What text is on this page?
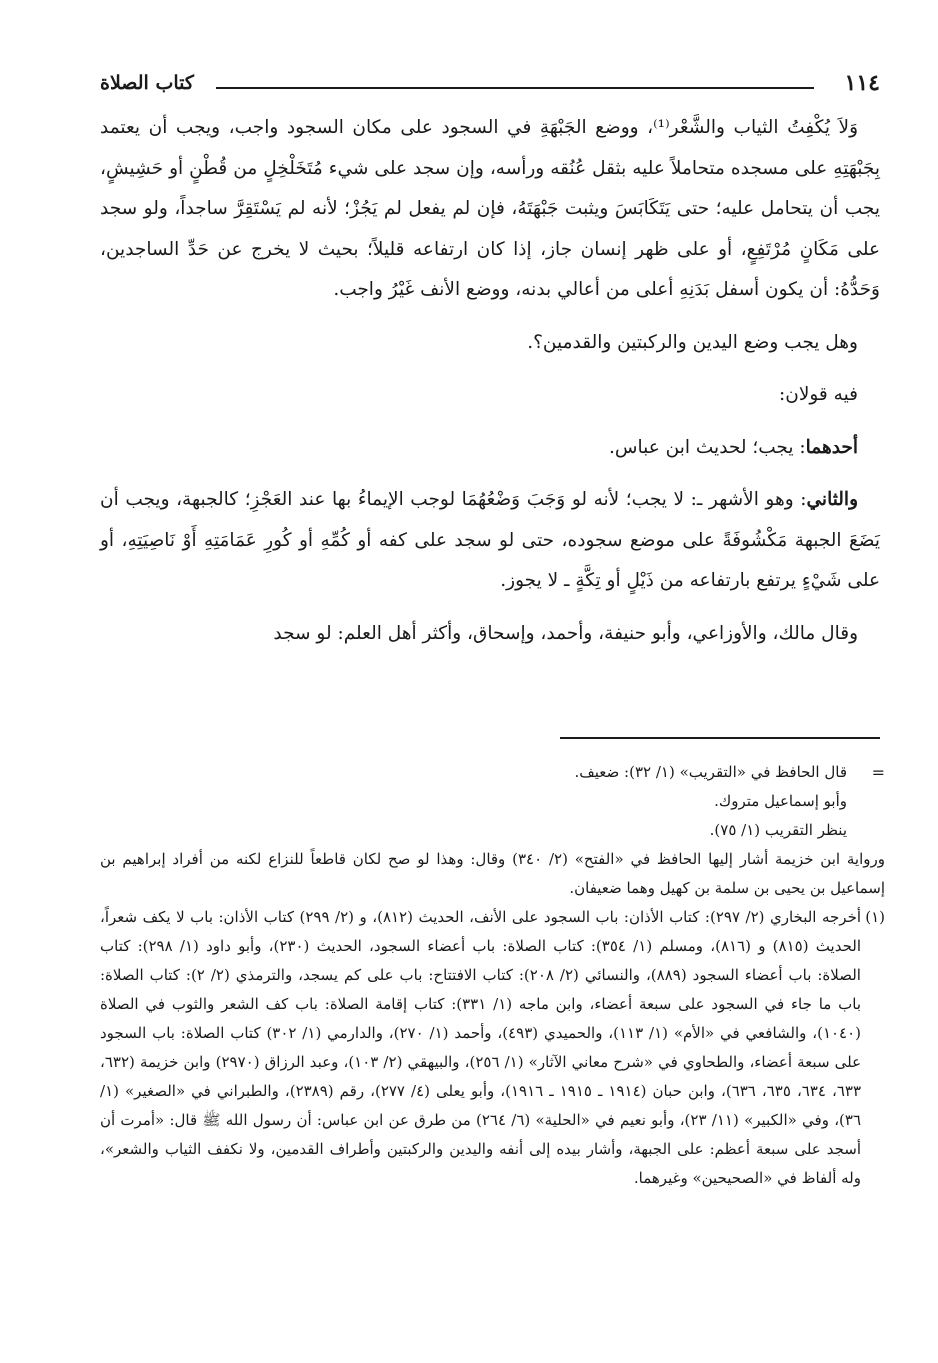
١١٤
كتاب الصلاة

وَلاَ يُكْفِتُ الثياب والشَّعْر⁽¹⁾، ووضع الجَبْهَةِ في السجود على مكان السجود واجب، ويجب أن يعتمد بِجَبْهَتِهِ على مسجده متحاملاً عليه بثقل عُنُقه ورأسه، وإن سجد على شيء مُتَخَلْخِلٍ من قُطْنٍ أو حَشِيشٍ، يجب أن يتحامل عليه؛ حتى يَتَكَابَسَ ويثبت جَبْهَتَهُ، فإن لم يفعل لم يَجُزْ؛ لأنه لم يَسْتَقِرَّ ساجداً، ولو سجد على مَكَانٍ مُرْتَفِعٍ، أو على ظهر إنسان جاز، إذا كان ارتفاعه قليلاً؛ بحيث لا يخرج عن حَدِّ الساجدين، وَحَدُّهُ: أن يكون أسفل بَدَنِهِ أعلى من أعالي بدنه، ووضع الأنف غَيْرُ واجب.

وهل يجب وضع اليدين والركبتين والقدمين؟.

فيه قولان:

أحدهما: يجب؛ لحديث ابن عباس.

والثاني: وهو الأشهر ـ: لا يجب؛ لأنه لو وَجَبَ وَضْعُهُمَا لوجب الإيماءُ بها عند العَجْزِ؛ كالجبهة، ويجب أن يَضَعَ الجبهة مَكْشُوفَةً على موضع سجوده، حتى لو سجد على كفه أو كُمِّهِ أو كُورِ عَمَامَتِهِ أَوْ نَاصِيَتِهِ، أو على شَيْءٍ يرتفع بارتفاعه من ذَيْلٍ أو تِكَّةٍ ـ لا يجوز.

وقال مالك، والأوزاعي، وأبو حنيفة، وأحمد، وإسحاق، وأكثر أهل العلم: لو سجد

=
قال الحافظ في «التقريب» (١/ ٣٢): ضعيف.
وأبو إسماعيل متروك.
ينظر التقريب (١/ ٧٥).
ورواية ابن خزيمة أشار إليها الحافظ في «الفتح» (٢/ ٣٤٠) وقال: وهذا لو صح لكان قاطعاً للنزاع لكنه من أفراد إبراهيم بن إسماعيل بن يحيى بن سلمة بن كهيل وهما ضعيفان.
(١)
أخرجه البخاري (٢/ ٢٩٧): كتاب الأذان: باب السجود على الأنف، الحديث (٨١٢)، و (٢/ ٢٩٩) كتاب الأذان: باب لا يكف شعراً، الحديث (٨١٥) و (٨١٦)، ومسلم (١/ ٣٥٤): كتاب الصلاة: باب أعضاء السجود، الحديث (٢٣٠)، وأبو داود (١/ ٢٩٨): كتاب الصلاة: باب أعضاء السجود (٨٨٩)، والنسائي (٢/ ٢٠٨): كتاب الافتتاح: باب على كم يسجد، والترمذي (٢/ ٢): كتاب الصلاة: باب ما جاء في السجود على سبعة أعضاء، وابن ماجه (١/ ٣٣١): كتاب إقامة الصلاة: باب كف الشعر والثوب في الصلاة (١٠٤٠)، والشافعي في «الأم» (١/ ١١٣)، والحميدي (٤٩٣)، وأحمد (١/ ٢٧٠)، والدارمي (١/ ٣٠٢) كتاب الصلاة: باب السجود على سبعة أعضاء، والطحاوي في «شرح معاني الآثار» (١/ ٢٥٦)، والبيهقي (٢/ ١٠٣)، وعبد الرزاق (٢٩٧٠) وابن خزيمة (٦٣٢، ٦٣٣، ٦٣٤، ٦٣٥، ٦٣٦)، وابن حبان (١٩١٤ ـ ١٩١٥ ـ ١٩١٦)، وأبو يعلى (٤/ ٢٧٧)، رقم (٢٣٨٩)، والطبراني في «الصغير» (١/ ٣٦)، وفي «الكبير» (١١/ ٢٣)، وأبو نعيم في «الحلية» (٦/ ٢٦٤) من طرق عن ابن عباس: أن رسول الله ﷺ قال: «أمرت أن أسجد على سبعة أعظم: على الجبهة، وأشار بيده إلى أنفه واليدين والركبتين وأطراف القدمين، ولا نكفف الثياب والشعر»، وله ألفاظ في «الصحيحين» وغيرهما.
